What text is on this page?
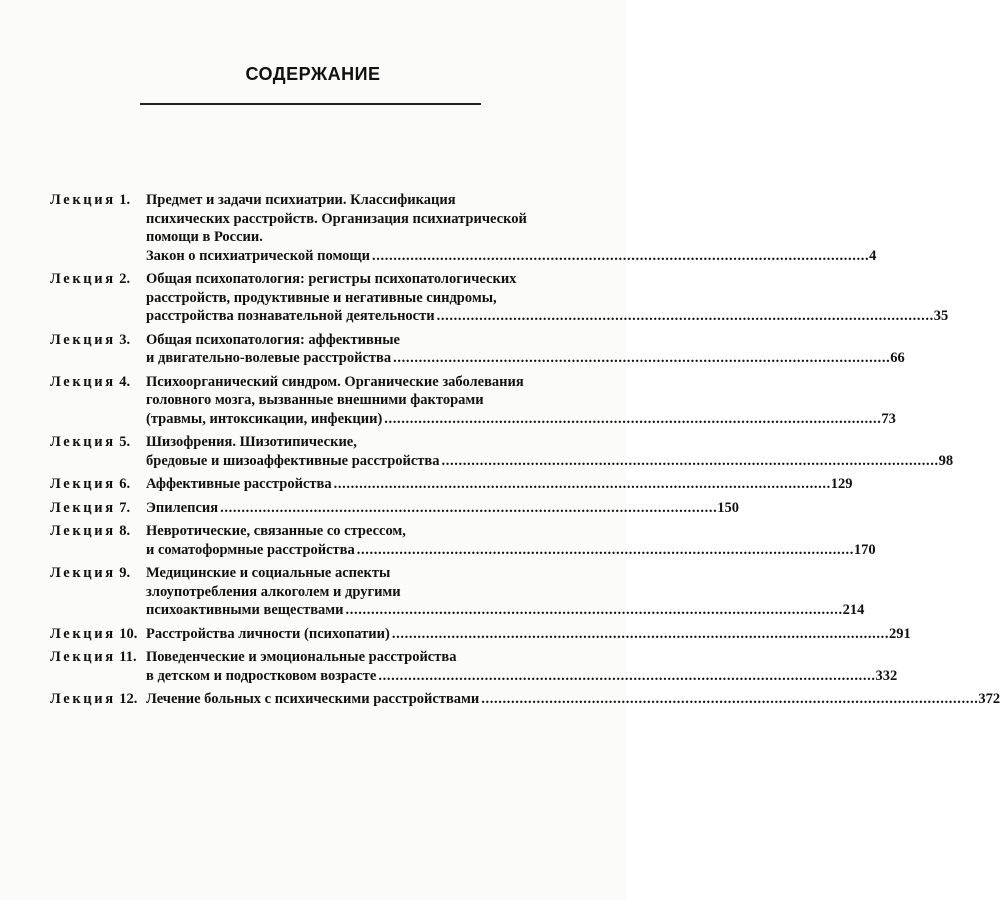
СОДЕРЖАНИЕ
Лекция 1.	Предмет и задачи психиатрии. Классификация
психических расстройств. Организация психиатрической
помощи в России.
Закон о психиатрической помощи . . .	4
Лекция 2.	Общая психопатология: регистры психопатологических
расстройств, продуктивные и негативные синдромы,
расстройства познавательной деятельности . . .	35
Лекция 3.	Общая психопатология: аффективные
и двигательно-волевые расстройства . . .	66
Лекция 4.	Психоорганический синдром. Органические заболевания
головного мозга, вызванные внешними факторами
(травмы, интоксикации, инфекции) . . .	73
Лекция 5.	Шизофрения. Шизотипические,
бредовые и шизоаффективные расстройства . . .	98
Лекция 6.	Аффективные расстройства . . .	129
Лекция 7.	Эпилепсия . . .	150
Лекция 8.	Невротические, связанные со стрессом,
и соматоформные расстройства . . .	170
Лекция 9.	Медицинские и социальные аспекты
злоупотребления алкоголем и другими
психоактивными веществами . . .	214
Лекция 10. Расстройства личности (психопатии) . . .	291
Лекция 11. Поведенческие и эмоциональные расстройства
в детском и подростковом возрасте . . .	332
Лекция 12. Лечение больных с психическими расстройствами . . .	372
